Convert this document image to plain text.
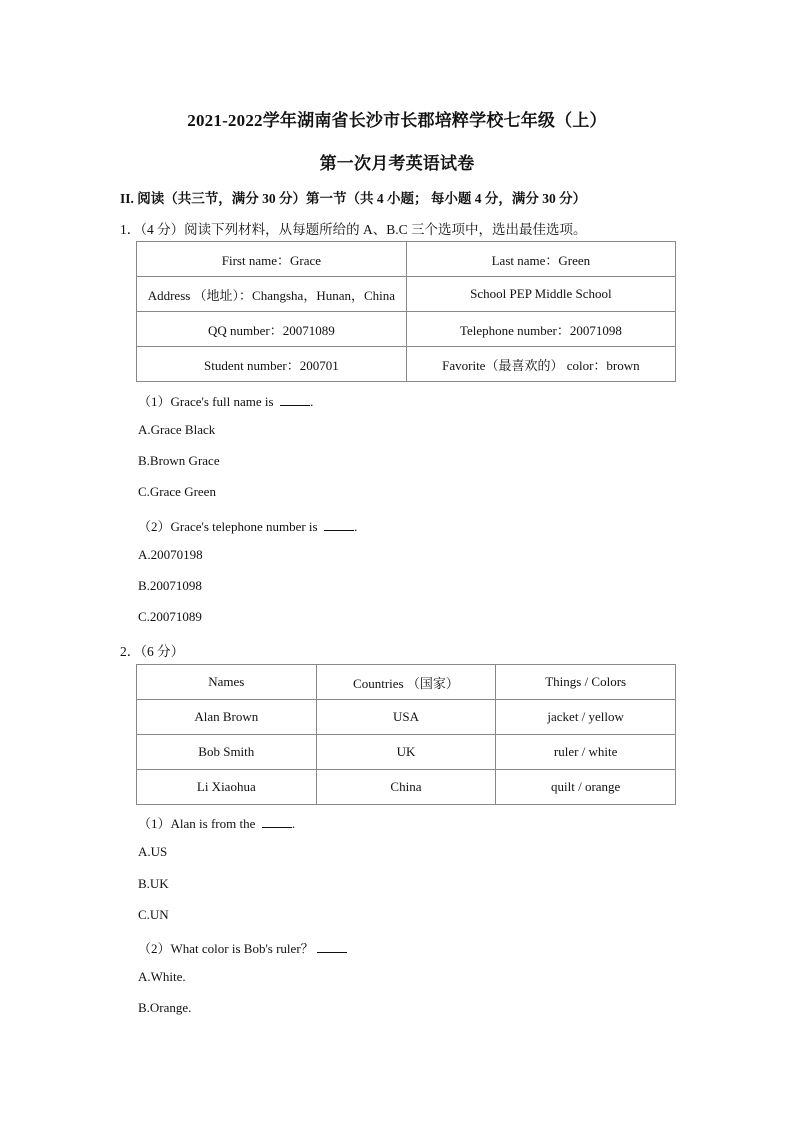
2021-2022学年湖南省长沙市长郡培粹学校七年级（上）
第一次月考英语试卷
II. 阅读（共三节，满分 30 分）第一节（共 4 小题； 每小题 4 分，满分 30 分）
1．（4 分）阅读下列材料，从每题所给的 A、B.C 三个选项中，选出最佳选项。
First name：Grace	Last name：Green
Address （地址）：Changsha，Hunan，China	School PEP Middle School
QQ number：20071089	Telephone number：20071098
Student number：200701	Favorite（最喜欢的） color：brown
（1）Grace's full name is	.
A.Grace Black
B.Brown Grace
C.Grace Green
（2）Grace's telephone number is	.
A.20070198
B.20071098
C.20071089
2．（6 分）
Names	Countries （国家）	Things / Colors
Alan Brown	USA	jacket / yellow
Bob Smith	UK	ruler / white
Li Xiaohua	China	quilt / orange
（1）Alan is from the	.
A.US
B.UK
C.UN
（2）What color is Bob's ruler？
A.White.
B.Orange.
